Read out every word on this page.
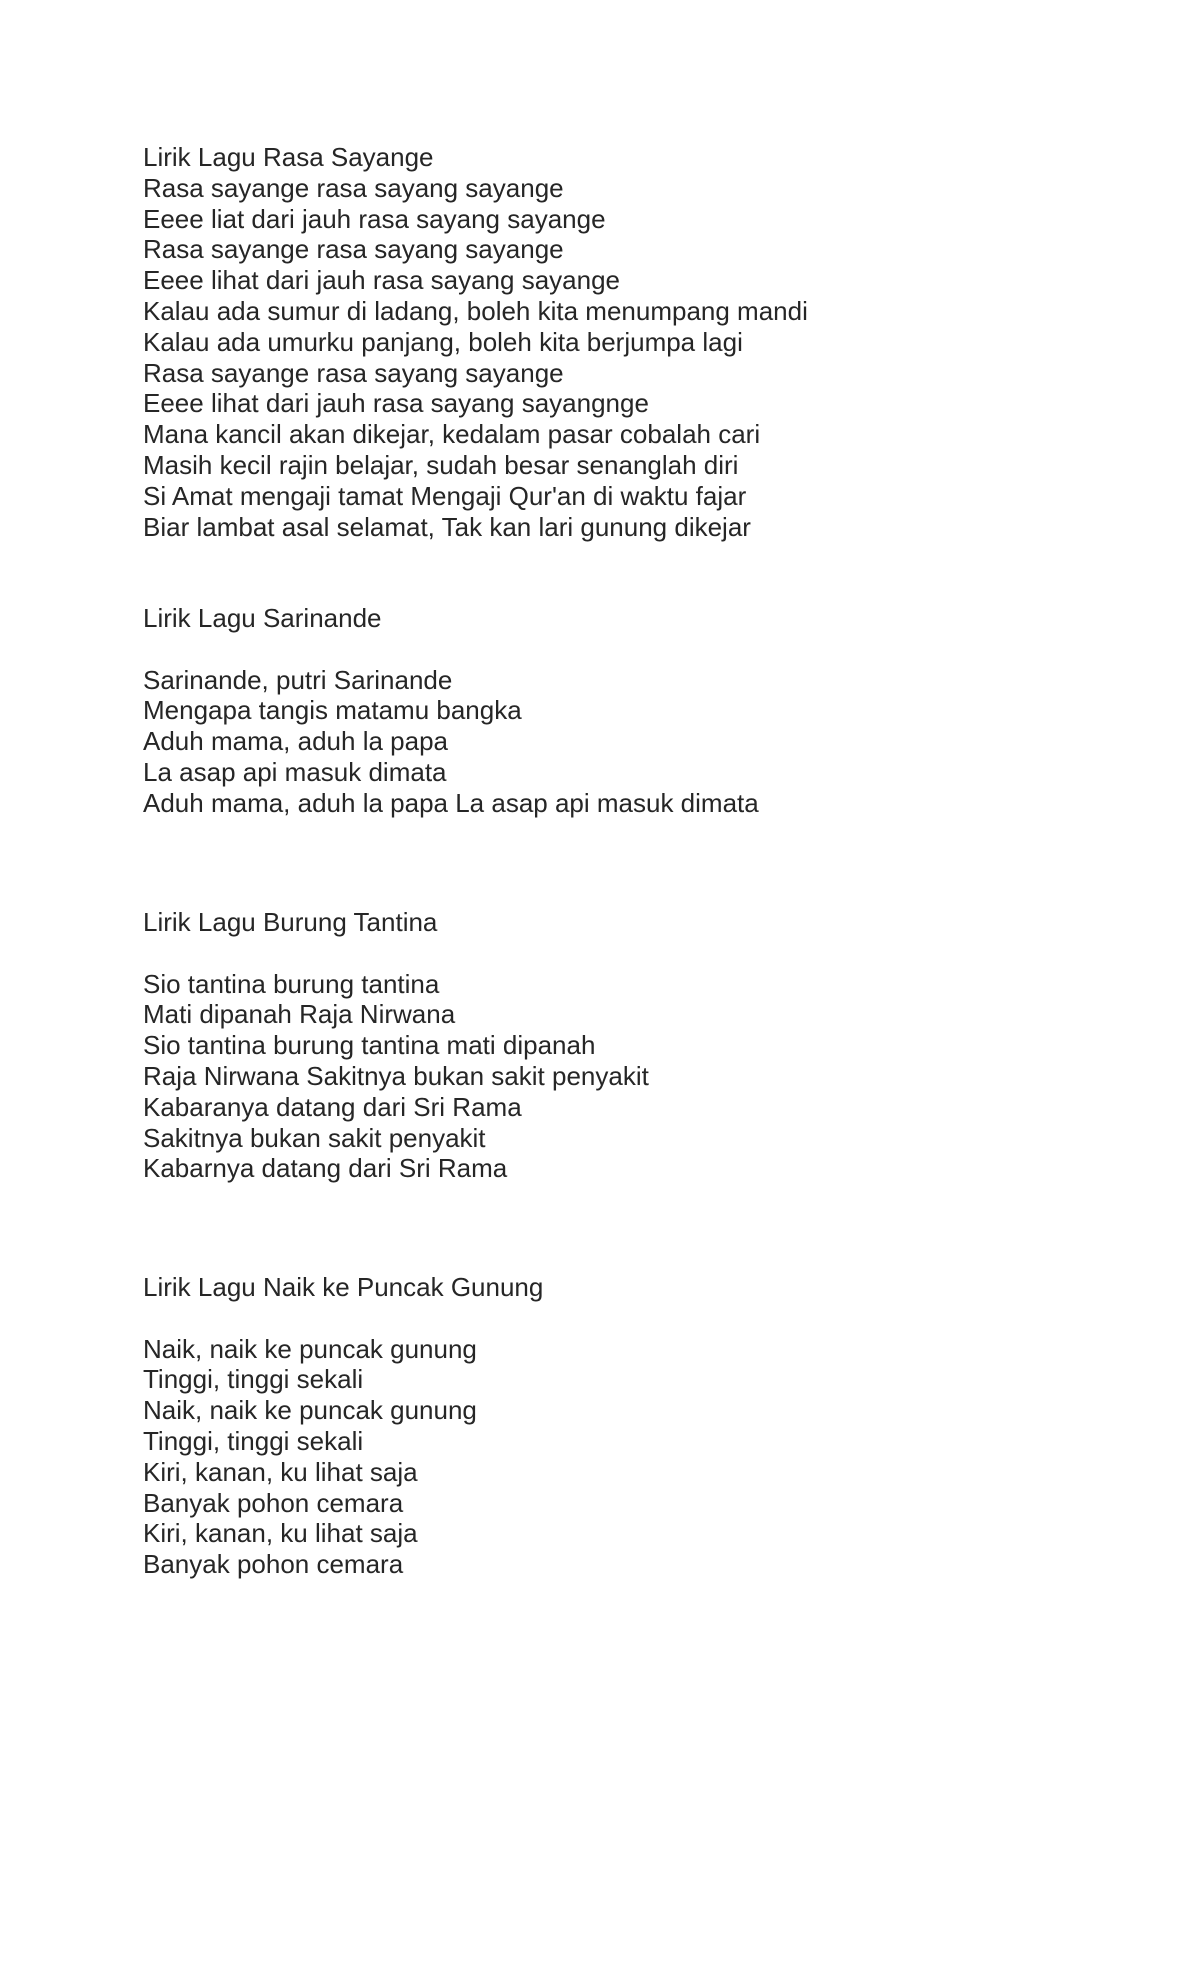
Lirik Lagu Rasa Sayange

Rasa sayange rasa sayang sayange

Eeee liat dari jauh rasa sayang sayange

Rasa sayange rasa sayang sayange

Eeee lihat dari jauh rasa sayang sayange

Kalau ada sumur di ladang, boleh kita menumpang mandi

Kalau ada umurku panjang, boleh kita berjumpa lagi

Rasa sayange rasa sayang sayange

Eeee lihat dari jauh rasa sayang sayangnge

Mana kancil akan dikejar, kedalam pasar cobalah cari

Masih kecil rajin belajar, sudah besar senanglah diri

Si Amat mengaji tamat Mengaji Qur'an di waktu fajar

Biar lambat asal selamat, Tak kan lari gunung dikejar

Lirik Lagu Sarinande

Sarinande, putri Sarinande

Mengapa tangis matamu bangka

Aduh mama, aduh la papa

La asap api masuk dimata

Aduh mama, aduh la papa La asap api masuk dimata

Lirik Lagu Burung Tantina

Sio tantina burung tantina

Mati dipanah Raja Nirwana

Sio tantina burung tantina mati dipanah

Raja Nirwana Sakitnya bukan sakit penyakit

Kabaranya datang dari Sri Rama

Sakitnya bukan sakit penyakit

Kabarnya datang dari Sri Rama

Lirik Lagu Naik ke Puncak Gunung

Naik, naik ke puncak gunung

Tinggi, tinggi sekali

Naik, naik ke puncak gunung

Tinggi, tinggi sekali

Kiri, kanan, ku lihat saja

Banyak pohon cemara

Kiri, kanan, ku lihat saja

Banyak pohon cemara
